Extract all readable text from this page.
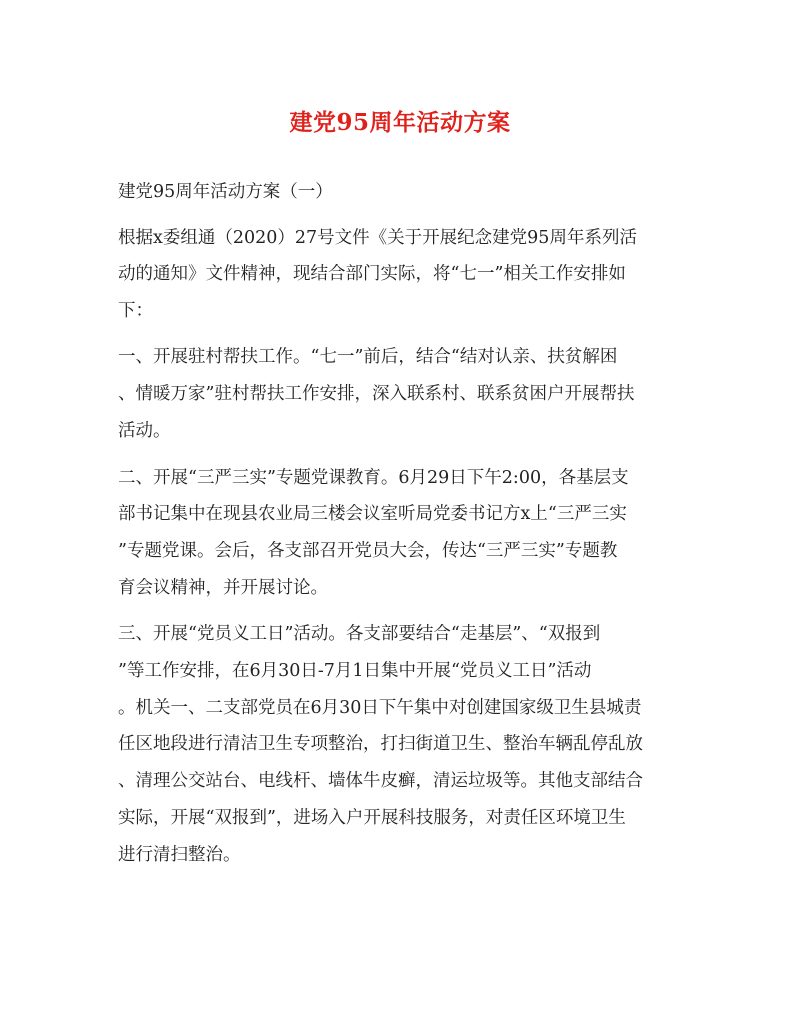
建党95周年活动方案
建党95周年活动方案（一）
根据x委组通（2020）27号文件《关于开展纪念建党95周年系列活
动的通知》文件精神，现结合部门实际，将“七一”相关工作安排如
下：
一、开展驻村帮扶工作。“七一”前后，结合“结对认亲、扶贫解困
、情暖万家”驻村帮扶工作安排，深入联系村、联系贫困户开展帮扶
活动。
二、开展“三严三实”专题党课教育。6月29日下午2:00，各基层支
部书记集中在现县农业局三楼会议室听局党委书记方x上“三严三实
”专题党课。会后，各支部召开党员大会，传达“三严三实”专题教
育会议精神，并开展讨论。
三、开展“党员义工日”活动。各支部要结合“走基层”、“双报到
”等工作安排，在6月30日-7月1日集中开展“党员义工日”活动
。机关一、二支部党员在6月30日下午集中对创建国家级卫生县城责
任区地段进行清洁卫生专项整治，打扫街道卫生、整治车辆乱停乱放
、清理公交站台、电线杆、墙体牛皮癣，清运垃圾等。其他支部结合
实际，开展“双报到”，进场入户开展科技服务，对责任区环境卫生
进行清扫整治。
